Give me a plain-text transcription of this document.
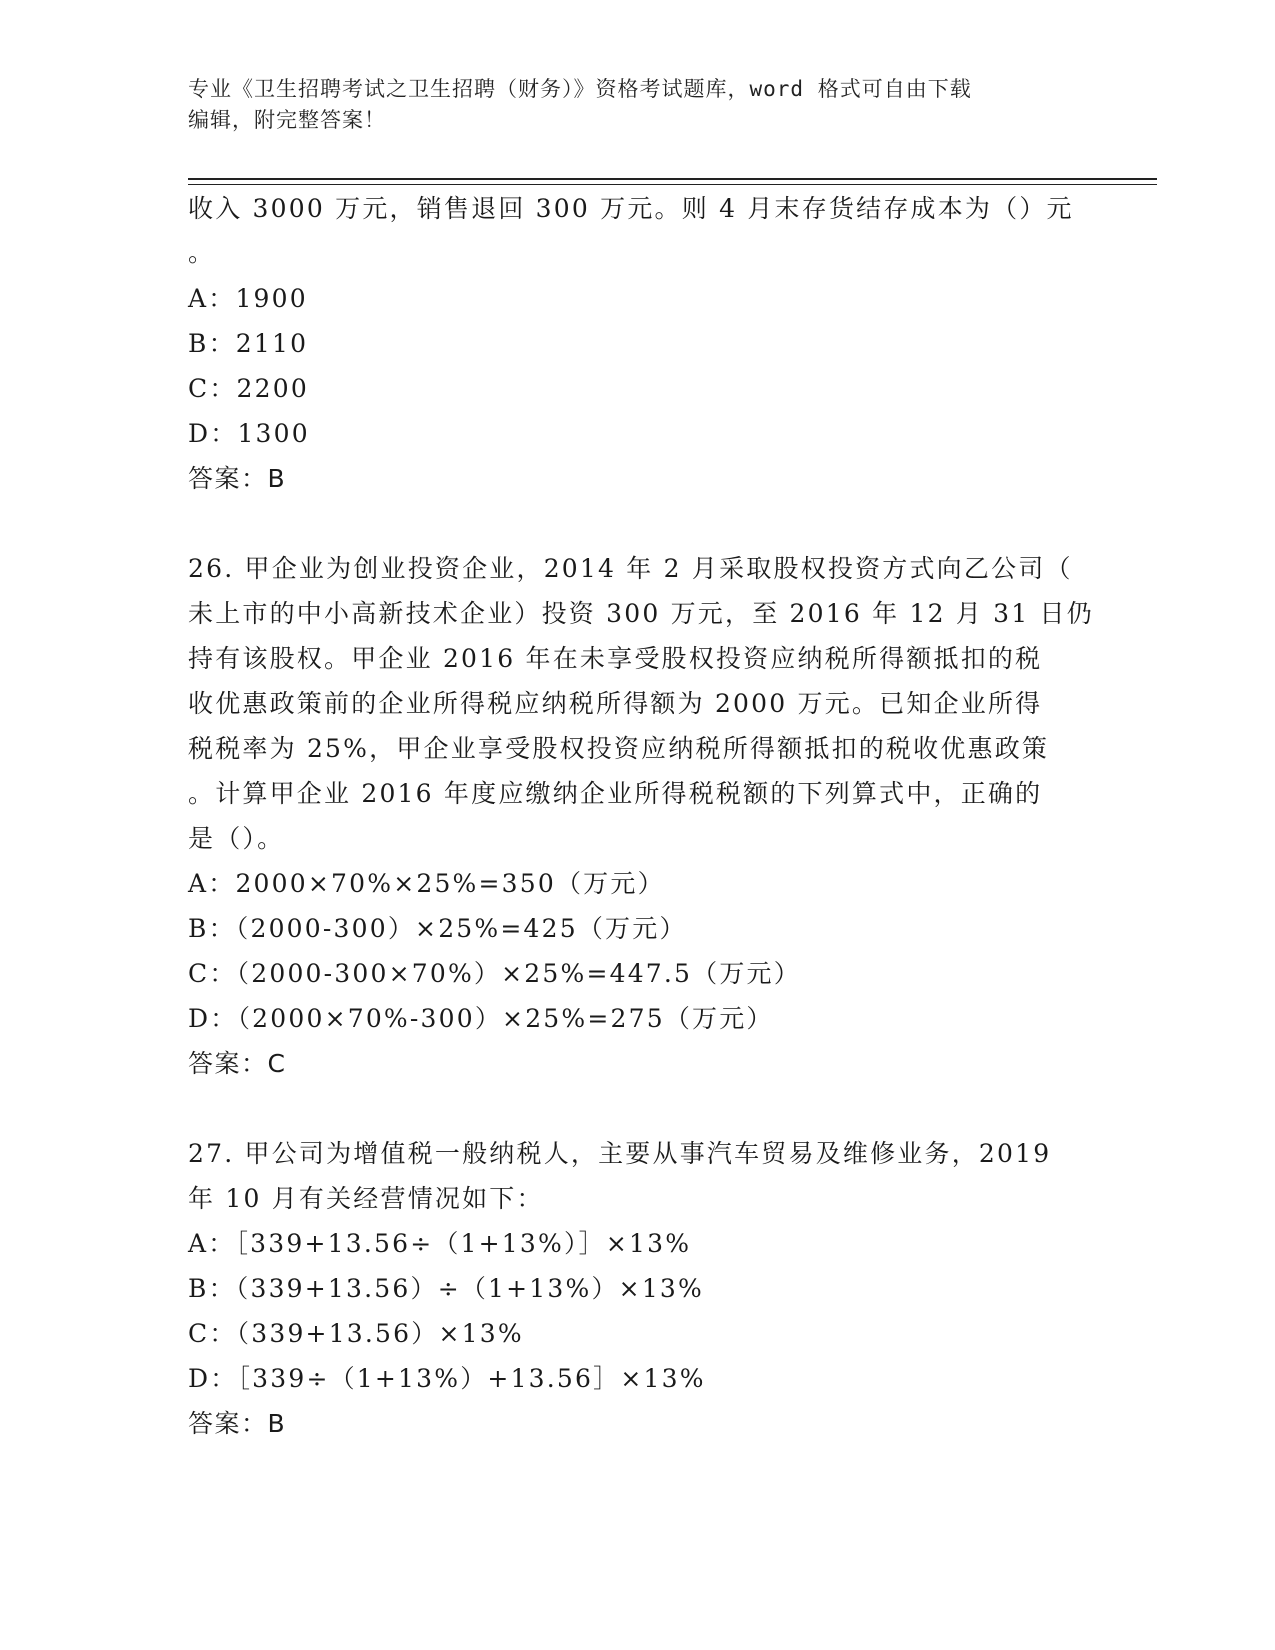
专业《卫生招聘考试之卫生招聘（财务）》资格考试题库，word 格式可自由下载
编辑，附完整答案！
收入 3000 万元，销售退回 300 万元。则 4 月末存货结存成本为（）元
。
A：1900
B：2110
C：2200
D：1300
答案：B
26. 甲企业为创业投资企业，2014 年 2 月采取股权投资方式向乙公司（
未上市的中小高新技术企业）投资 300 万元，至 2016 年 12 月 31 日仍
持有该股权。甲企业 2016 年在未享受股权投资应纳税所得额抵扣的税
收优惠政策前的企业所得税应纳税所得额为 2000 万元。已知企业所得
税税率为 25%，甲企业享受股权投资应纳税所得额抵扣的税收优惠政策
。计算甲企业 2016 年度应缴纳企业所得税税额的下列算式中，正确的
是（）。
A：2000×70%×25%=350（万元）
B：（2000-300）×25%=425（万元）
C：（2000-300×70%）×25%=447.5（万元）
D：（2000×70%-300）×25%=275（万元）
答案：C
27. 甲公司为增值税一般纳税人，主要从事汽车贸易及维修业务，2019
年 10 月有关经营情况如下：
A：［339+13.56÷（1+13%）］×13%
B：（339+13.56）÷（1+13%）×13%
C：（339+13.56）×13%
D：［339÷（1+13%）+13.56］×13%
答案：B
